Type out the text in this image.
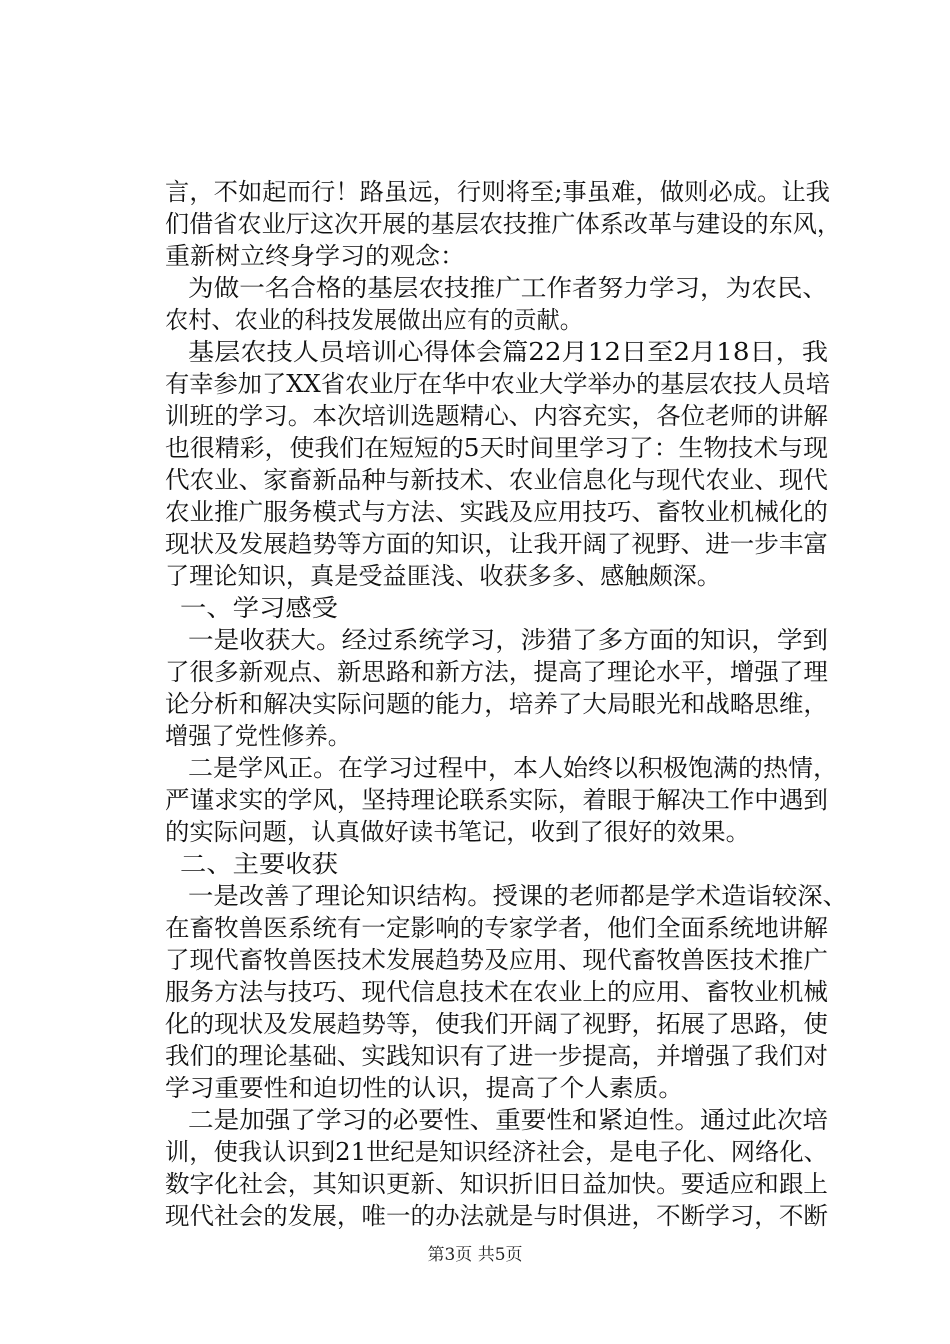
言，不如起而行！路虽远，行则将至;事虽难，做则必成。让我
们借省农业厅这次开展的基层农技推广体系改革与建设的东风，
重新树立终身学习的观念：
为做一名合格的基层农技推广工作者努力学习，为农民、
农村、农业的科技发展做出应有的贡献。
基层农技人员培训心得体会篇22月12日至2月18日，我
有幸参加了XX省农业厅在华中农业大学举办的基层农技人员培
训班的学习。本次培训选题精心、内容充实，各位老师的讲解
也很精彩，使我们在短短的5天时间里学习了：生物技术与现
代农业、家畜新品种与新技术、农业信息化与现代农业、现代
农业推广服务模式与方法、实践及应用技巧、畜牧业机械化的
现状及发展趋势等方面的知识，让我开阔了视野、进一步丰富
了理论知识，真是受益匪浅、收获多多、感触颇深。
一、学习感受
一是收获大。经过系统学习，涉猎了多方面的知识，学到
了很多新观点、新思路和新方法，提高了理论水平，增强了理
论分析和解决实际问题的能力，培养了大局眼光和战略思维，
增强了党性修养。
二是学风正。在学习过程中，本人始终以积极饱满的热情，
严谨求实的学风，坚持理论联系实际，着眼于解决工作中遇到
的实际问题，认真做好读书笔记，收到了很好的效果。
二、主要收获
一是改善了理论知识结构。授课的老师都是学术造诣较深、
在畜牧兽医系统有一定影响的专家学者，他们全面系统地讲解
了现代畜牧兽医技术发展趋势及应用、现代畜牧兽医技术推广
服务方法与技巧、现代信息技术在农业上的应用、畜牧业机械
化的现状及发展趋势等，使我们开阔了视野，拓展了思路，使
我们的理论基础、实践知识有了进一步提高，并增强了我们对
学习重要性和迫切性的认识，提高了个人素质。
二是加强了学习的必要性、重要性和紧迫性。通过此次培
训，使我认识到21世纪是知识经济社会，是电子化、网络化、
数字化社会，其知识更新、知识折旧日益加快。要适应和跟上
现代社会的发展，唯一的办法就是与时俱进，不断学习，不断
第3页 共5页
